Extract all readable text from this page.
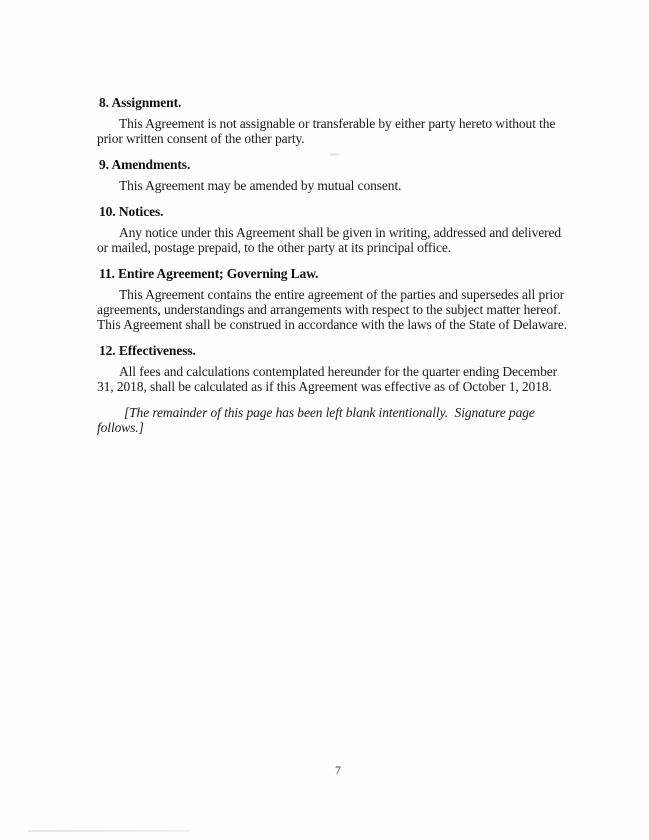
8. Assignment.

This Agreement is not assignable or transferable by either party hereto without the prior written consent of the other party.

9. Amendments.

This Agreement may be amended by mutual consent.

10. Notices.

Any notice under this Agreement shall be given in writing, addressed and delivered or mailed, postage prepaid, to the other party at its principal office.

11. Entire Agreement; Governing Law.

This Agreement contains the entire agreement of the parties and supersedes all prior agreements, understandings and arrangements with respect to the subject matter hereof. This Agreement shall be construed in accordance with the laws of the State of Delaware.

12. Effectiveness.

All fees and calculations contemplated hereunder for the quarter ending December 31, 2018, shall be calculated as if this Agreement was effective as of October 1, 2018.

[The remainder of this page has been left blank intentionally.  Signature page follows.]

7
